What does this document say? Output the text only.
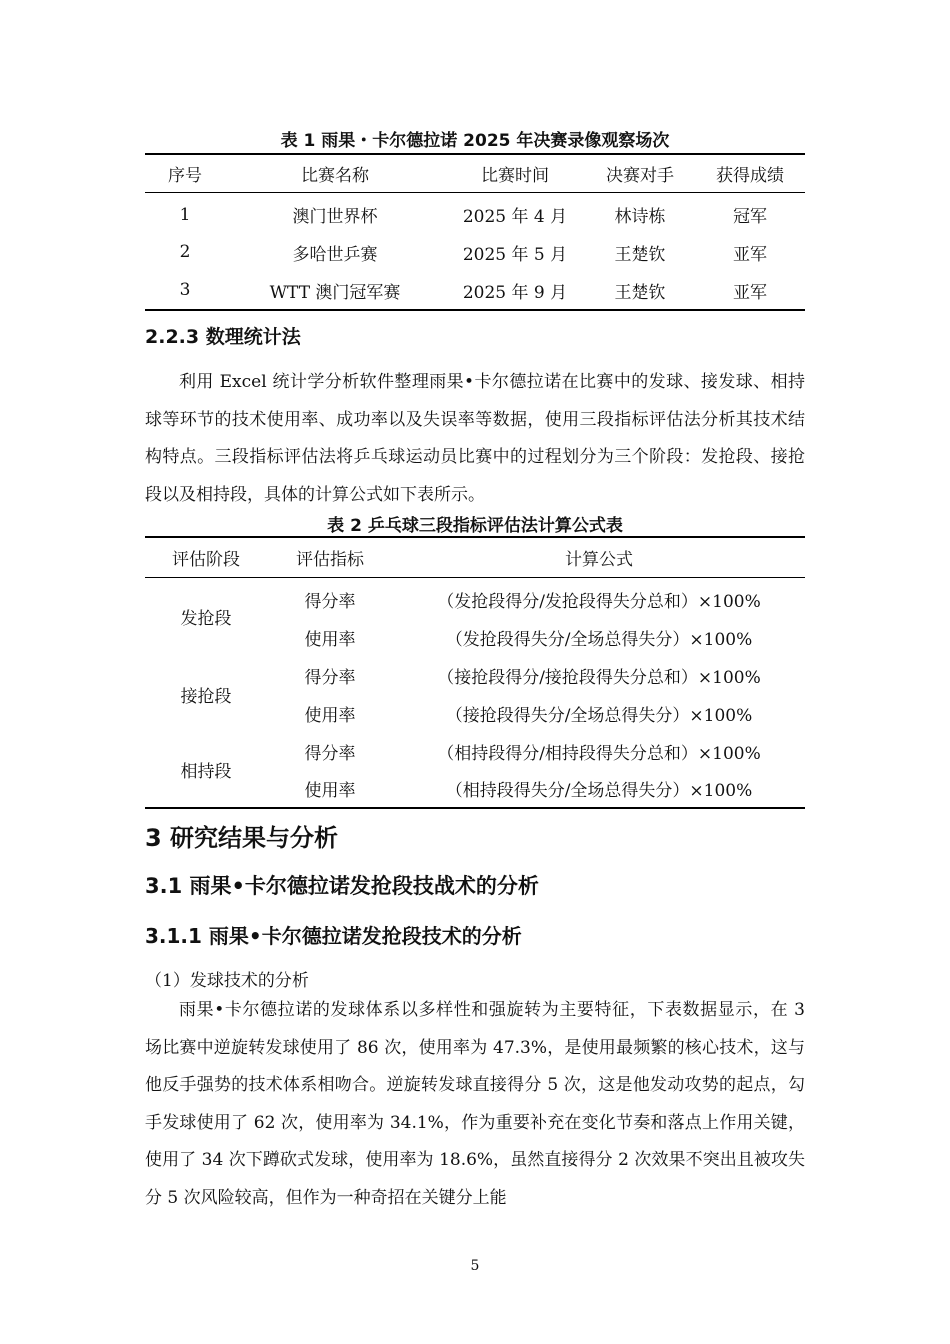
表 1 雨果・卡尔德拉诺 2025 年决赛录像观察场次
序号	比赛名称	比赛时间	决赛对手	获得成绩
1	澳门世界杯	2025 年 4 月	林诗栋	冠军
2	多哈世乒赛	2025 年 5 月	王楚钦	亚军
3	WTT 澳门冠军赛	2025 年 9 月	王楚钦	亚军
2.2.3 数理统计法

利用 Excel 统计学分析软件整理雨果•卡尔德拉诺在比赛中的发球、接发球、相持球等环节的技术使用率、成功率以及失误率等数据，使用三段指标评估法分析其技术结构特点。三段指标评估法将乒乓球运动员比赛中的过程划分为三个阶段：发抢段、接抢段以及相持段，具体的计算公式如下表所示。

表 2 乒乓球三段指标评估法计算公式表
评估阶段	评估指标	计算公式
发抢段	得分率	（发抢段得分/发抢段得失分总和）×100%
	使用率	（发抢段得失分/全场总得失分）×100%
接抢段	得分率	（接抢段得分/接抢段得失分总和）×100%
	使用率	（接抢段得失分/全场总得失分）×100%
相持段	得分率	（相持段得分/相持段得失分总和）×100%
	使用率	（相持段得失分/全场总得失分）×100%
3 研究结果与分析
3.1 雨果•卡尔德拉诺发抢段技战术的分析
3.1.1 雨果•卡尔德拉诺发抢段技术的分析
（1）发球技术的分析

雨果•卡尔德拉诺的发球体系以多样性和强旋转为主要特征，下表数据显示，在 3 场比赛中逆旋转发球使用了 86 次，使用率为 47.3%，是使用最频繁的核心技术，这与他反手强势的技术体系相吻合。逆旋转发球直接得分 5 次，这是他发动攻势的起点，勾手发球使用了 62 次，使用率为 34.1%，作为重要补充在变化节奏和落点上作用关键，使用了 34 次下蹲砍式发球，使用率为 18.6%，虽然直接得分 2 次效果不突出且被攻失分 5 次风险较高，但作为一种奇招在关键分上能

5
